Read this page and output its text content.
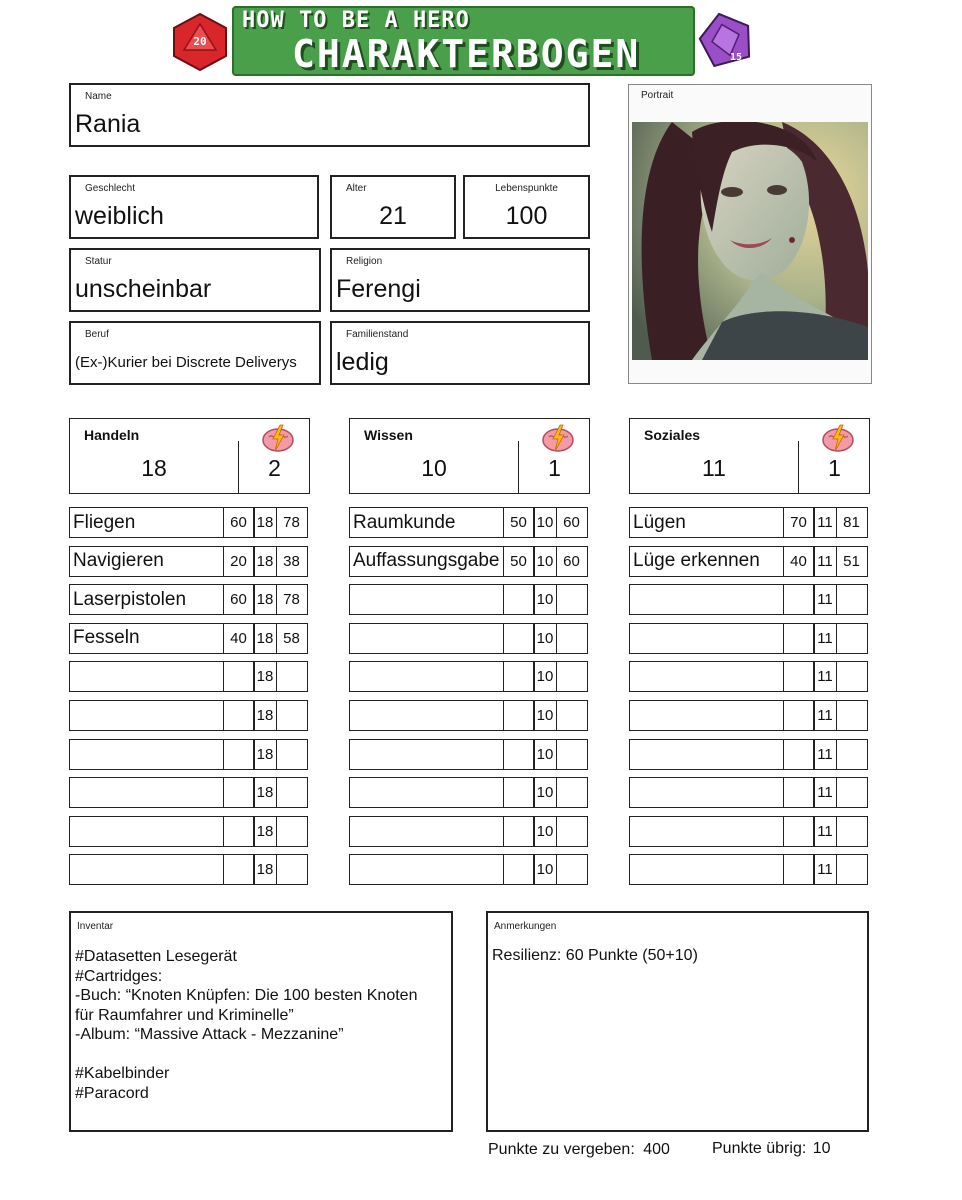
20
HOW TO BE A HERO
CHARAKTERBOGEN	15
Name
Rania
Geschlecht
weiblich
Alter
21
Lebenspunkte
100
Statur
unscheinbar
Religion
Ferengi
Beruf
(Ex-)Kurier bei Discrete Deliverys
Familienstand
ledig
Portrait
Handeln
18	2
Wissen
10	1
Soziales
11	1
Fliegen	60 18 78
Navigieren	20 18 38
Laserpistolen	60 18 78
Fesseln	40 18 58
18
18
18
18
18
18
Raumkunde	50 10 60
Auffassungsgabe 50 10 60
10
10
10
10
10
10
10
10
Lügen	70 11 81
Lüge erkennen	40 11 51
11
11
11
11
11
11
11
11
Inventar
#Datasetten Lesegerät
#Cartridges:
-Buch: “Knoten Knüpfen: Die 100 besten Knoten
für Raumfahrer und Kriminelle”
-Album: “Massive Attack - Mezzanine”
#Kabelbinder
#Paracord
Anmerkungen
Resilienz: 60 Punkte (50+10)
Punkte zu vergeben: 400	Punkte übrig: 10
